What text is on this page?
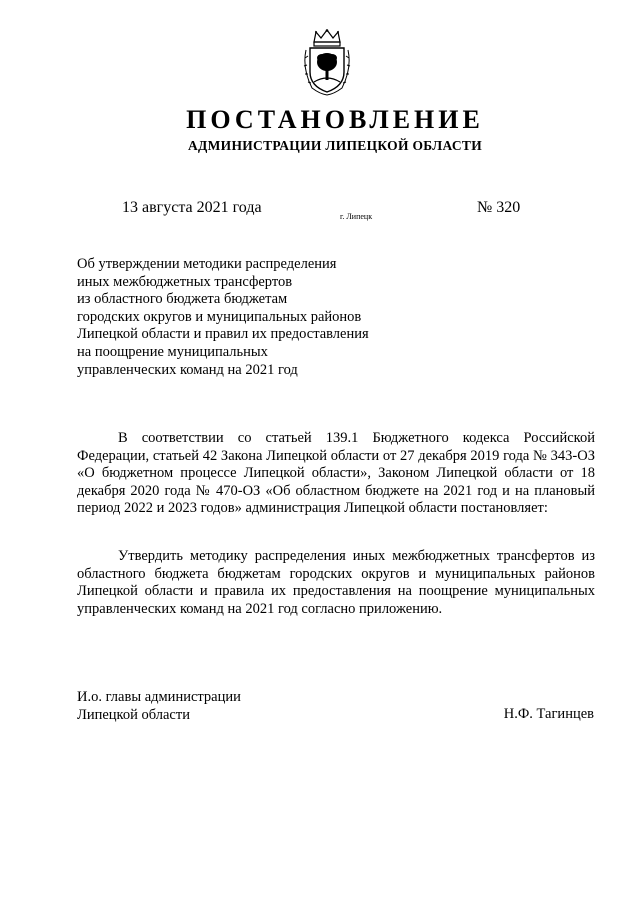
ПОСТАНОВЛЕНИЕ
АДМИНИСТРАЦИИ ЛИПЕЦКОЙ ОБЛАСТИ
13 августа 2021 года
г. Липецк
№ 320
Об утверждении методики распределения
иных межбюджетных трансфертов
из областного бюджета бюджетам
городских округов и муниципальных районов
Липецкой области и правил их предоставления
на поощрение муниципальных
управленческих команд на 2021 год

В соответствии со статьей 139.1 Бюджетного кодекса Российской Федерации, статьей 42 Закона Липецкой области от 27 декабря 2019 года № 343-ОЗ «О бюджетном процессе Липецкой области», Законом Липецкой области от 18 декабря 2020 года № 470-ОЗ «Об областном бюджете на 2021 год и на плановый период 2022 и 2023 годов» администрация Липецкой области постановляет:

Утвердить методику распределения иных межбюджетных трансфертов из областного бюджета бюджетам городских округов и муниципальных районов Липецкой области и правила их предоставления на поощрение муниципальных управленческих команд на 2021 год согласно приложению.

И.о. главы администрации
Липецкой области	Н.Ф. Тагинцев
